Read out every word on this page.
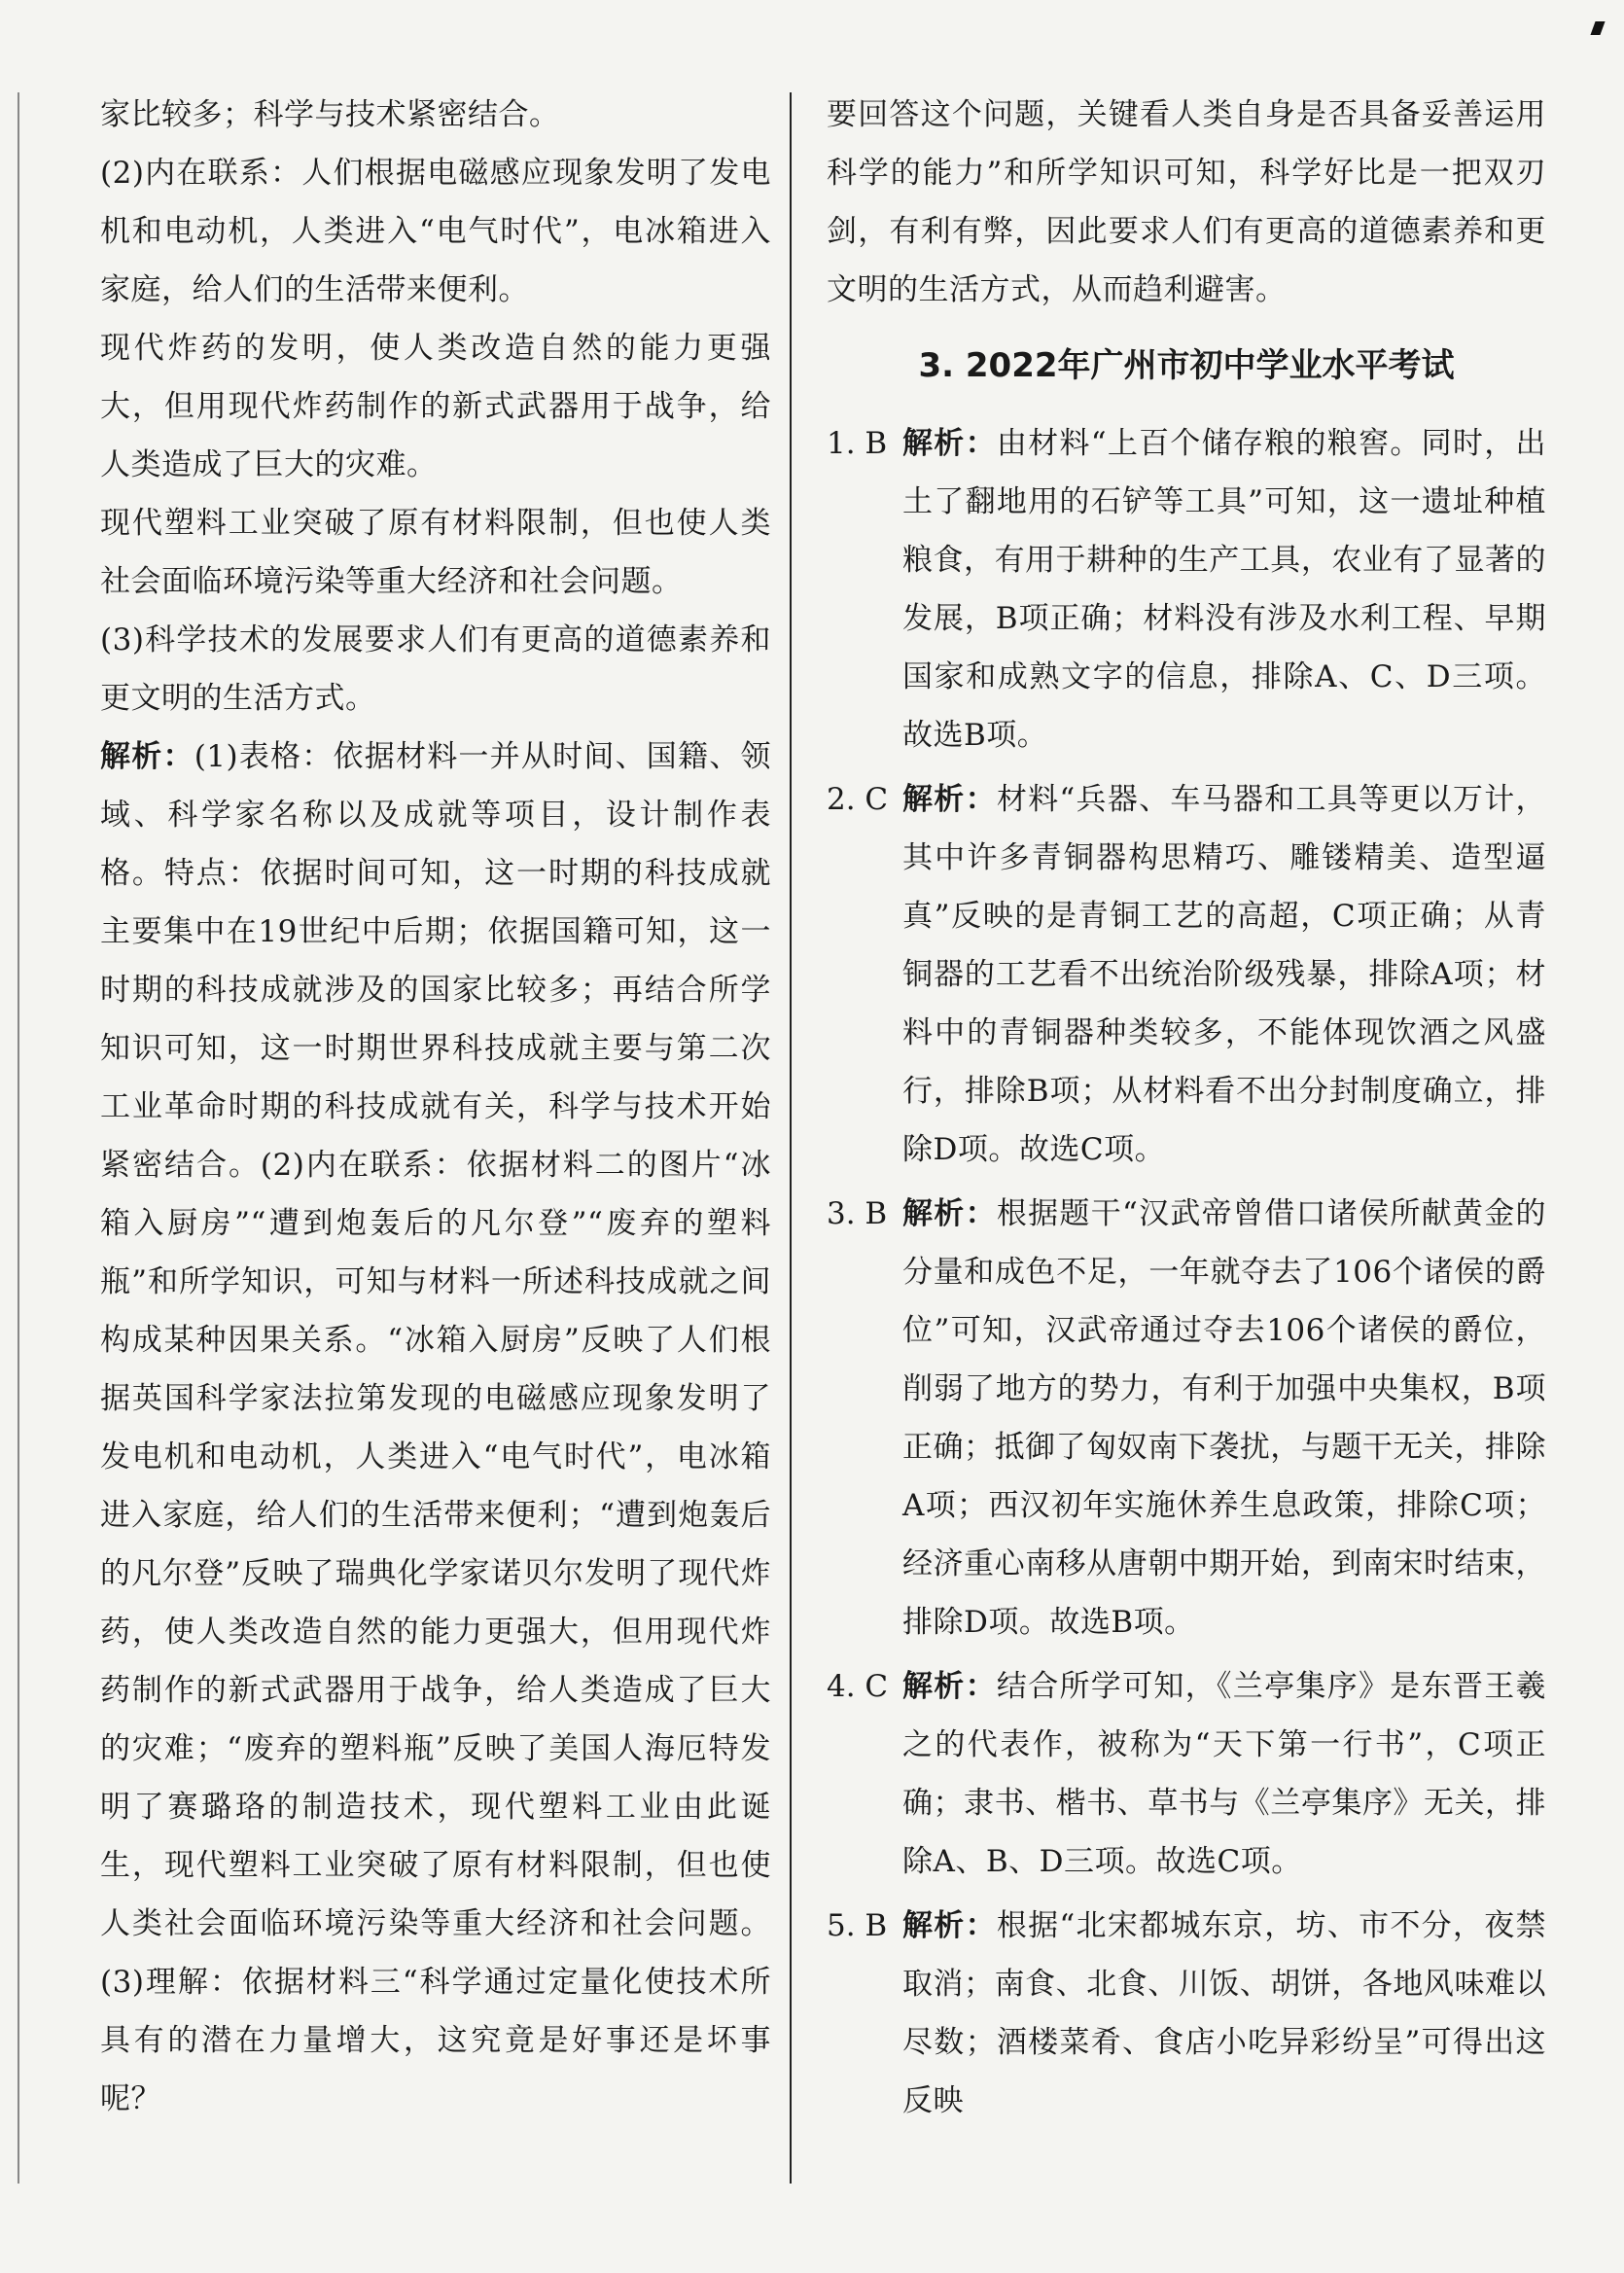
家比较多；科学与技术紧密结合。

(2)内在联系：人们根据电磁感应现象发明了发电机和电动机，人类进入“电气时代”，电冰箱进入家庭，给人们的生活带来便利。

现代炸药的发明，使人类改造自然的能力更强大，但用现代炸药制作的新式武器用于战争，给人类造成了巨大的灾难。

现代塑料工业突破了原有材料限制，但也使人类社会面临环境污染等重大经济和社会问题。

(3)科学技术的发展要求人们有更高的道德素养和更文明的生活方式。

解析：(1)表格：依据材料一并从时间、国籍、领域、科学家名称以及成就等项目，设计制作表格。特点：依据时间可知，这一时期的科技成就主要集中在19世纪中后期；依据国籍可知，这一时期的科技成就涉及的国家比较多；再结合所学知识可知，这一时期世界科技成就主要与第二次工业革命时期的科技成就有关，科学与技术开始紧密结合。(2)内在联系：依据材料二的图片“冰箱入厨房”“遭到炮轰后的凡尔登”“废弃的塑料瓶”和所学知识，可知与材料一所述科技成就之间构成某种因果关系。“冰箱入厨房”反映了人们根据英国科学家法拉第发现的电磁感应现象发明了发电机和电动机，人类进入“电气时代”，电冰箱进入家庭，给人们的生活带来便利；“遭到炮轰后的凡尔登”反映了瑞典化学家诺贝尔发明了现代炸药，使人类改造自然的能力更强大，但用现代炸药制作的新式武器用于战争，给人类造成了巨大的灾难；“废弃的塑料瓶”反映了美国人海厄特发明了赛璐珞的制造技术，现代塑料工业由此诞生，现代塑料工业突破了原有材料限制，但也使人类社会面临环境污染等重大经济和社会问题。(3)理解：依据材料三“科学通过定量化使技术所具有的潜在力量增大，这究竟是好事还是坏事呢？

要回答这个问题，关键看人类自身是否具备妥善运用科学的能力”和所学知识可知，科学好比是一把双刃剑，有利有弊，因此要求人们有更高的道德素养和更文明的生活方式，从而趋利避害。

3. 2022年广州市初中学业水平考试
1. B 解析：由材料“上百个储存粮的粮窖。同时，出土了翻地用的石铲等工具”可知，这一遗址种植粮食，有用于耕种的生产工具，农业有了显著的发展，B项正确；材料没有涉及水利工程、早期国家和成熟文字的信息，排除A、C、D三项。故选B项。
2. C 解析：材料“兵器、车马器和工具等更以万计，其中许多青铜器构思精巧、雕镂精美、造型逼真”反映的是青铜工艺的高超，C项正确；从青铜器的工艺看不出统治阶级残暴，排除A项；材料中的青铜器种类较多，不能体现饮酒之风盛行，排除B项；从材料看不出分封制度确立，排除D项。故选C项。
3. B 解析：根据题干“汉武帝曾借口诸侯所献黄金的分量和成色不足，一年就夺去了106个诸侯的爵位”可知，汉武帝通过夺去106个诸侯的爵位，削弱了地方的势力，有利于加强中央集权，B项正确；抵御了匈奴南下袭扰，与题干无关，排除A项；西汉初年实施休养生息政策，排除C项；经济重心南移从唐朝中期开始，到南宋时结束，排除D项。故选B项。
4. C 解析：结合所学可知，《兰亭集序》是东晋王羲之的代表作，被称为“天下第一行书”，C项正确；隶书、楷书、草书与《兰亭集序》无关，排除A、B、D三项。故选C项。
5. B 解析：根据“北宋都城东京，坊、市不分，夜禁取消；南食、北食、川饭、胡饼，各地风味难以尽数；酒楼菜肴、食店小吃异彩纷呈”可得出这反映
